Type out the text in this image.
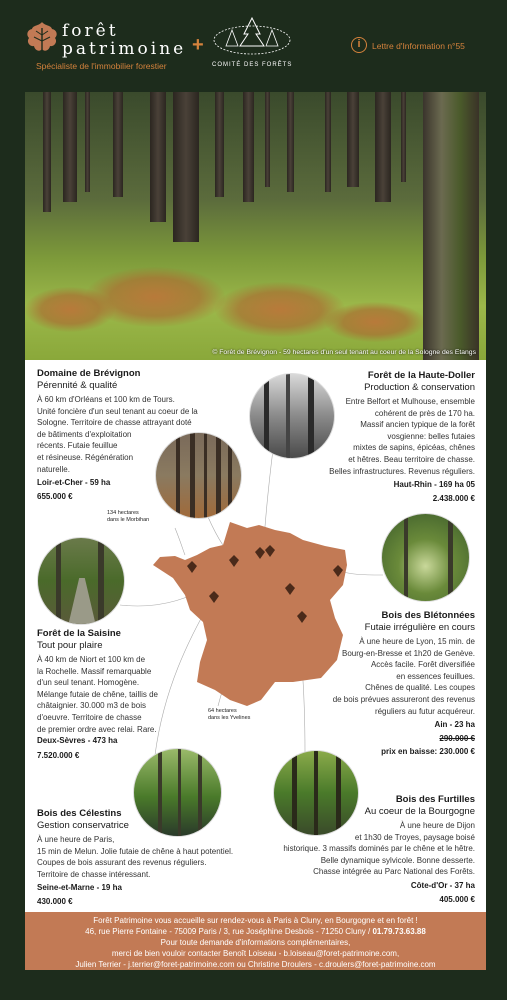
forêt
patrimoine
Spécialiste de l'immobilier forestier
+
COMITÉ DES FORÊTS
i	Lettre d'Information n°55
© Forêt de Brévignon - 59 hectares d'un seul tenant au coeur de la Sologne des Etangs
134 hectares
dans le Morbihan
64 hectares
dans les Yvelines
Domaine de Brévignon
Pérennité & qualité
À 60 km d'Orléans et 100 km de Tours.
Unité foncière d'un seul tenant au coeur de la
Sologne. Territoire de chasse attrayant doté
de bâtiments d'exploitation
récents. Futaie feuillue
et résineuse. Régénération
naturelle.
Loir-et-Cher - 59 ha
655.000 €
Forêt de la Haute-Doller
Production & conservation
Entre Belfort et Mulhouse, ensemble
cohérent de près de 170 ha.
Massif ancien typique de la forêt
vosgienne: belles futaies
mixtes de sapins, épicéas, chênes
et hêtres. Beau territoire de chasse.
Belles infrastructures. Revenus réguliers.
Haut-Rhin - 169 ha 05
2.438.000 €
Forêt de la Saisine
Tout pour plaire
À 40 km de Niort et 100 km de
la Rochelle. Massif remarquable
d'un seul tenant. Homogène.
Mélange futaie de chêne, taillis de
châtaignier. 30.000 m3 de bois
d'oeuvre. Territoire de chasse
de premier ordre avec relai. Rare.
Deux-Sèvres - 473 ha
7.520.000 €
Bois des Blétonnées
Futaie irrégulière en cours
À une heure de Lyon, 15 min. de
Bourg-en-Bresse et 1h20 de Genève.
Accès facile. Forêt diversifiée
en essences feuillues.
Chênes de qualité. Les coupes
de bois prévues assureront des revenus
réguliers au futur acquéreur.
Ain - 23 ha
290.000 €
prix en baisse: 230.000 €
Bois des Célestins
Gestion conservatrice
À une heure de Paris,
15 min de Melun. Jolie futaie de chêne à haut potentiel.
Coupes de bois assurant des revenus réguliers.
Territoire de chasse intéressant.
Seine-et-Marne - 19 ha
430.000 €
Bois des Furtilles
Au coeur de la Bourgogne
À une heure de Dijon
et 1h30 de Troyes, paysage boisé
historique. 3 massifs dominés par le chêne et le hêtre.
Belle dynamique sylvicole. Bonne desserte.
Chasse intégrée au Parc National des Forêts.
Côte-d'Or - 37 ha
405.000 €
Forêt Patrimoine vous accueille sur rendez-vous à Paris à Cluny, en Bourgogne et en forêt !
46, rue Pierre Fontaine - 75009 Paris / 3, rue Joséphine Desbois - 71250 Cluny / 01.79.73.63.88
Pour toute demande d'informations complémentaires,
merci de bien vouloir contacter Benoît Loiseau - b.loiseau@foret-patrimoine.com,
Julien Terrier - j.terrier@foret-patrimoine.com ou Christine Droulers - c.droulers@foret-patrimoine.com
